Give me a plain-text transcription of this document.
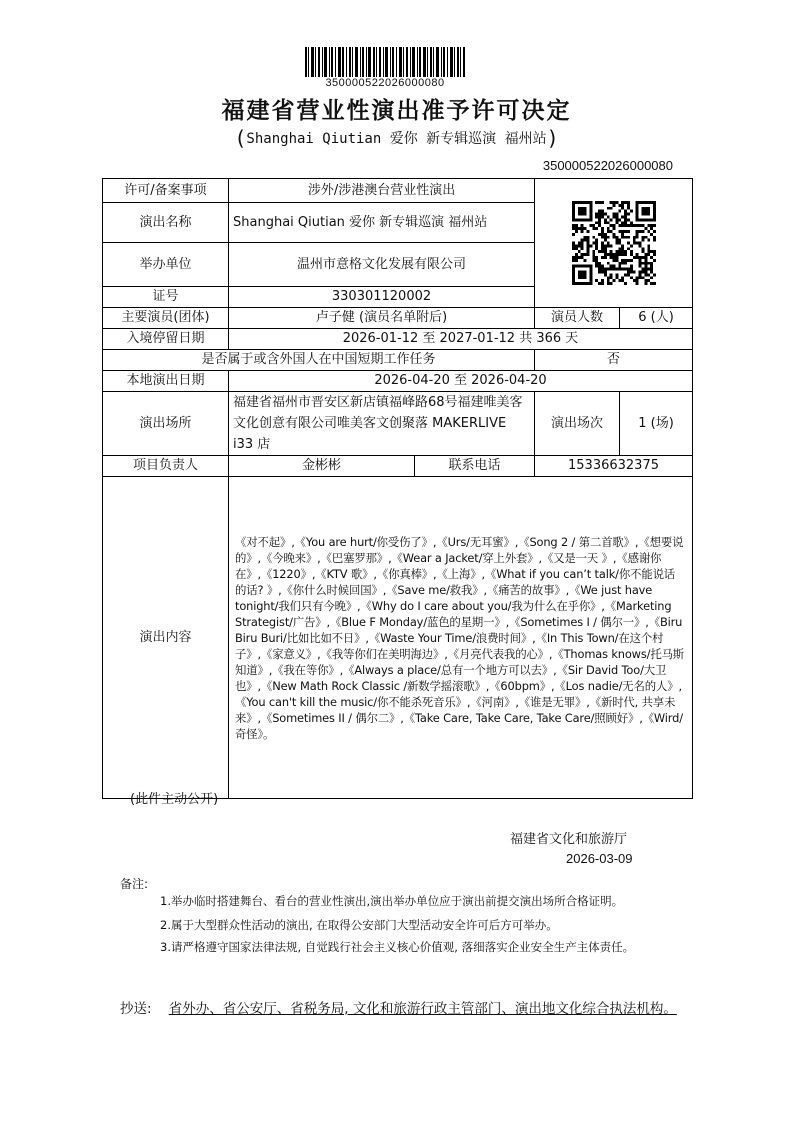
350000522026000080
福建省营业性演出准予许可决定
(Shanghai Qiutian 爱你 新专辑巡演 福州站)
350000522026000080
许可/备案事项	涉外/涉港澳台营业性演出	

演出名称	Shanghai Qiutian 爱你 新专辑巡演 福州站			
举办单位	温州市意格文化发展有限公司			
证号	330301120002			
主要演员(团体)	卢子健 (演员名单附后)		演员人数	6 (人)
入境停留日期	2026-01-12 至 2027-01-12 共 366 天			
是否属于或含外国人在中国短期工作任务			否	
本地演出日期	2026-04-20 至 2026-04-20			
演出场所	福建省福州市晋安区新店镇福峰路68号福建唯美客文化创意有限公司唯美客文创聚落 MAKERLIVE i33 店		演出场次	1 (场)
项目负责人	金彬彬	联系电话	15336632375	
演出内容	《对不起》,《You are hurt/你受伤了》,《Urs/无耳蜜》,《Song 2 / 第二首歌》,《想要说的》,《今晚来》,《巴塞罗那》,《Wear a Jacket/穿上外套》,《又是一天 》,《感谢你在》,《1220》,《KTV 歌》,《你真棒》,《上海》,《What if you can’t talk/你不能说话的话? 》,《你什么时候回国》,《Save me/救我》,《痛苦的故事》,《We just have tonight/我们只有今晚》,《Why do I care about you/我为什么在乎你》,《Marketing Strategist/广告》,《Blue F Monday/蓝色的星期一》,《Sometimes I / 偶尔一》,《Biru Biru Buri/比如比如不日》,《Waste Your Time/浪费时间》,《In This Town/在这个村子》,《家意义》,《我等你们在美明海边》,《月亮代表我的心》,《Thomas knows/托马斯知道》,《我在等你》,《Always a place/总有一个地方可以去》,《Sir David Too/大卫也》,《New Math Rock Classic /新数学摇滚歌》,《60bpm》,《Los nadie/无名的人》,《You can't kill the music/你不能杀死音乐》,《河南》,《谁是无罪》,《新时代, 共享未来》,《Sometimes II / 偶尔二》,《Take Care, Take Care, Take Care/照顾好》,《Wird/奇怪》。			
(此件主动公开)
福建省文化和旅游厅
2026-03-09
备注:
1.举办临时搭建舞台、看台的营业性演出,演出举办单位应于演出前提交演出场所合格证明。
2.属于大型群众性活动的演出, 在取得公安部门大型活动安全许可后方可举办。
3.请严格遵守国家法律法规, 自觉践行社会主义核心价值观, 落细落实企业安全生产主体责任。
抄送: 省外办、省公安厅、省税务局, 文化和旅游行政主管部门、演出地文化综合执法机构。
